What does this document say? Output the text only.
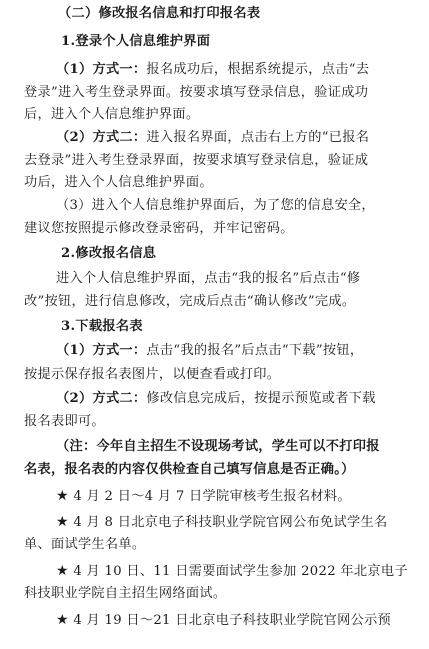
（二）修改报名信息和打印报名表
1.登录个人信息维护界面
（1）方式一：报名成功后，根据系统提示，点击“去
登录”进入考生登录界面。按要求填写登录信息，验证成功
后，进入个人信息维护界面。
（2）方式二：进入报名界面，点击右上方的“已报名
去登录”进入考生登录界面，按要求填写登录信息，验证成
功后，进入个人信息维护界面。
（3）进入个人信息维护界面后，为了您的信息安全，
建议您按照提示修改登录密码，并牢记密码。
2.修改报名信息
进入个人信息维护界面，点击“我的报名”后点击“修
改”按钮，进行信息修改，完成后点击“确认修改”完成。
3.下载报名表
（1）方式一：点击“我的报名”后点击“下载”按钮，
按提示保存报名表图片，以便查看或打印。
（2）方式二：修改信息完成后，按提示预览或者下载
报名表即可。
（注：今年自主招生不设现场考试，学生可以不打印报
名表，报名表的内容仅供检查自己填写信息是否正确。）
★ 4 月 2 日～4 月 7 日学院审核考生报名材料。
★ 4 月 8 日北京电子科技职业学院官网公布免试学生名
单、面试学生名单。
★ 4 月 10 日、11 日需要面试学生参加 2022 年北京电子
科技职业学院自主招生网络面试。
★ 4 月 19 日～21 日北京电子科技职业学院官网公示预
